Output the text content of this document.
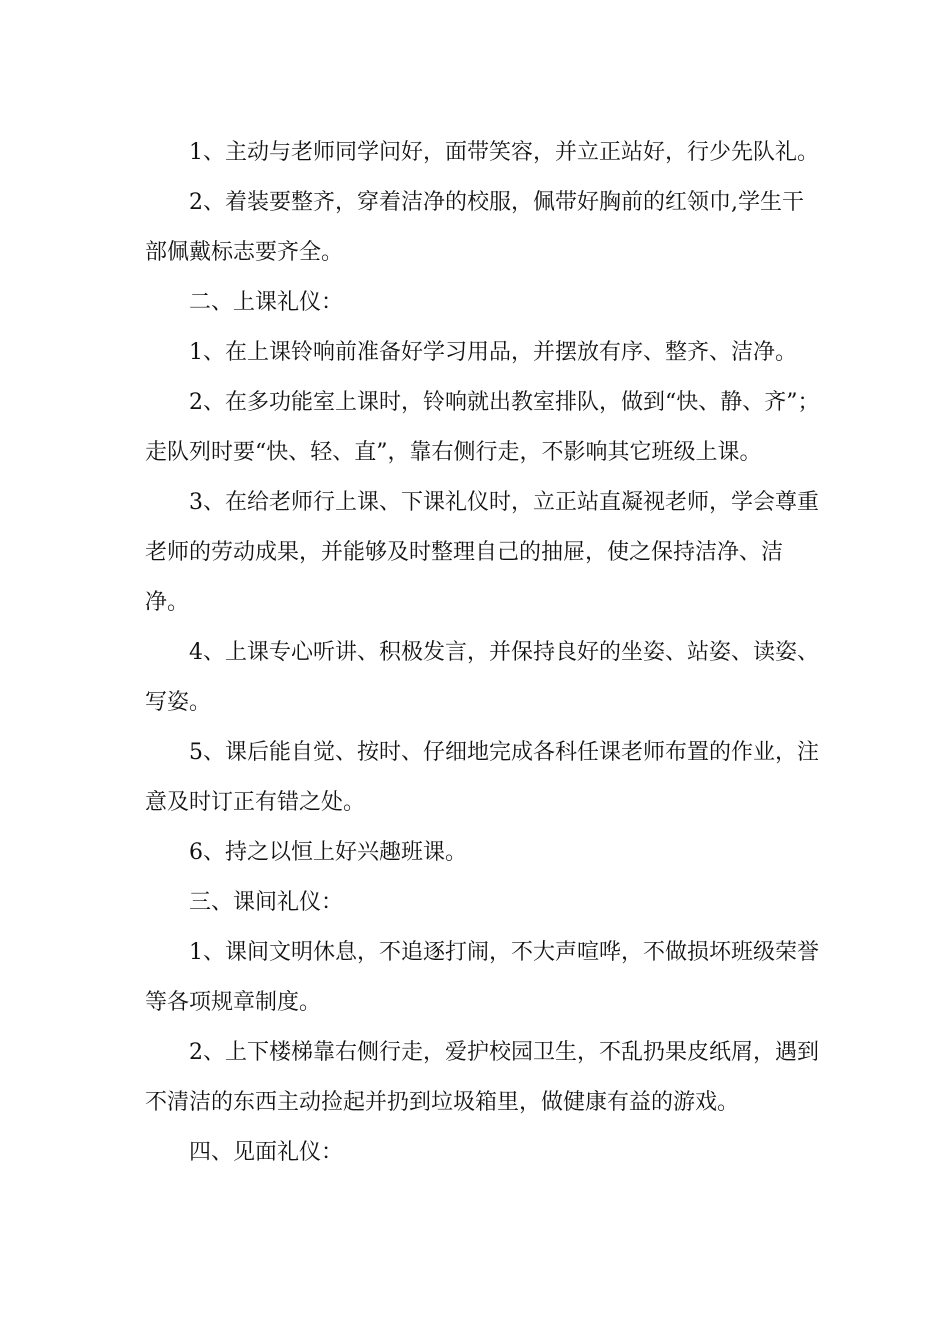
1、主动与老师同学问好，面带笑容，并立正站好，行少先队礼。

2、着装要整齐，穿着洁净的校服，佩带好胸前的红领巾,学生干部佩戴标志要齐全。

二、上课礼仪：

1、在上课铃响前准备好学习用品，并摆放有序、整齐、洁净。

2、在多功能室上课时，铃响就出教室排队，做到“快、静、齐”；走队列时要“快、轻、直”，靠右侧行走，不影响其它班级上课。

3、在给老师行上课、下课礼仪时，立正站直凝视老师，学会尊重老师的劳动成果，并能够及时整理自己的抽屉，使之保持洁净、洁净。

4、上课专心听讲、积极发言，并保持良好的坐姿、站姿、读姿、写姿。

5、课后能自觉、按时、仔细地完成各科任课老师布置的作业，注意及时订正有错之处。

6、持之以恒上好兴趣班课。

三、课间礼仪：

1、课间文明休息，不追逐打闹，不大声喧哗，不做损坏班级荣誉等各项规章制度。

2、上下楼梯靠右侧行走，爱护校园卫生，不乱扔果皮纸屑，遇到不清洁的东西主动捡起并扔到垃圾箱里，做健康有益的游戏。

四、见面礼仪：
